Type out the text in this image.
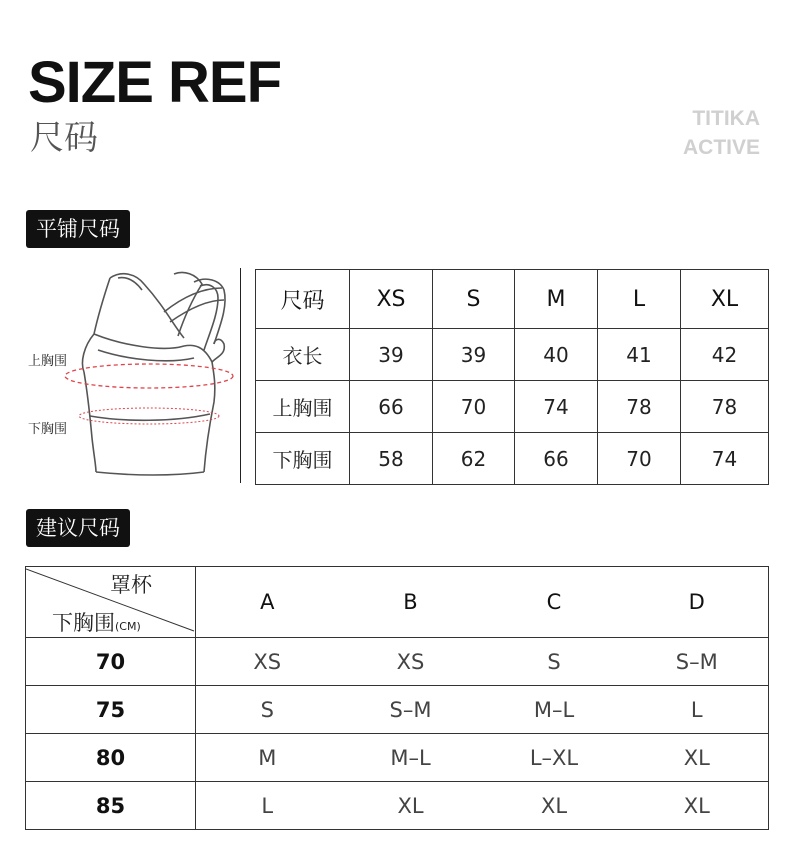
SIZE REF
尺码	TITIKA
ACTIVE
平铺尺码
上胸围
下胸围
尺码	XS	S	M	L	XL
衣长	39	39	40	41	42
上胸围	66	70	74	78	78
下胸围	58	62	66	70	74
建议尺码
罩杯
下胸围(CM)	A	B	C	D
70	XS	XS	S	S–M
75	S	S–M	M–L	L
80	M	M–L	L–XL	XL
85	L	XL	XL	XL
